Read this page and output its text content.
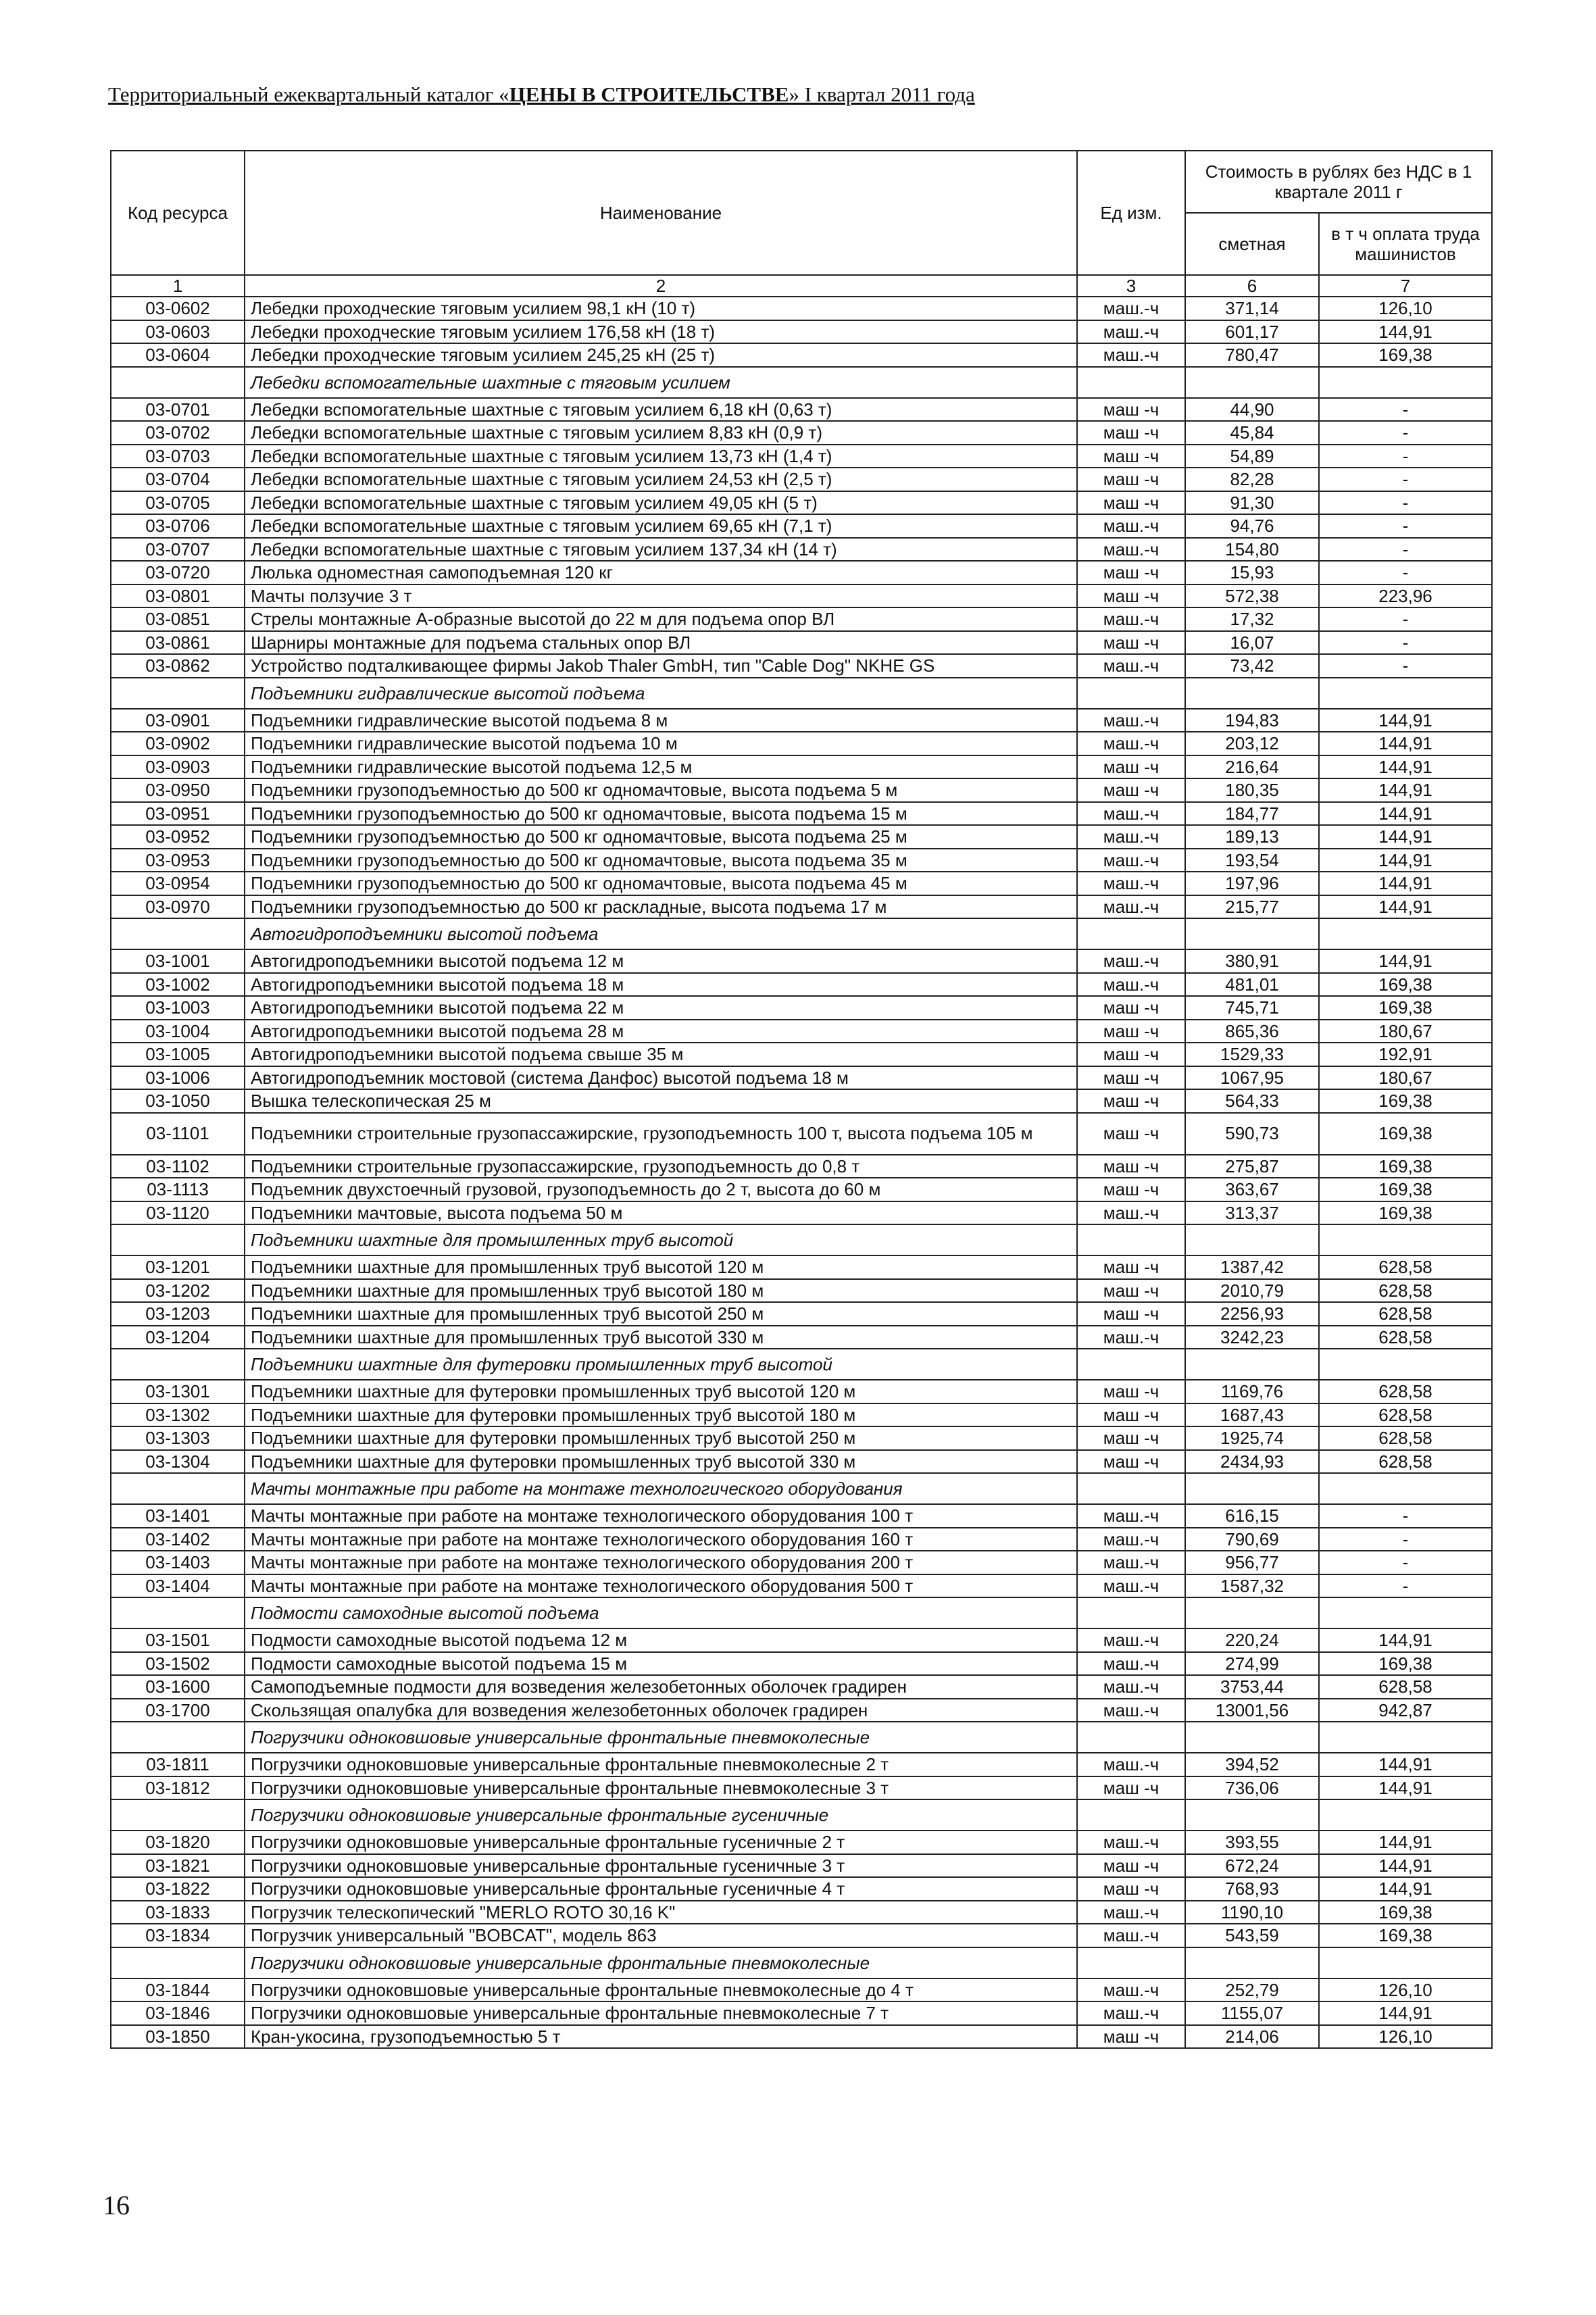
Территориальный ежеквартальный каталог «ЦЕНЫ В СТРОИТЕЛЬСТВЕ» I квартал 2011 года
Код ресурса	Наименование	Ед изм.	Стоимость в рублях без НДС в 1 квартале 2011 г	
			сметная	в т ч оплата труда машинистов
1	2	3	6	7
03-0602	Лебедки проходческие тяговым усилием 98,1 кН (10 т)	маш.-ч	371,14	126,10
03-0603	Лебедки проходческие тяговым усилием 176,58 кН (18 т)	маш.-ч	601,17	144,91
03-0604	Лебедки проходческие тяговым усилием 245,25 кН (25 т)	маш.-ч	780,47	169,38
	Лебедки вспомогательные шахтные с тяговым усилием			
03-0701	Лебедки вспомогательные шахтные с тяговым усилием 6,18 кН (0,63 т)	маш -ч	44,90	-
03-0702	Лебедки вспомогательные шахтные с тяговым усилием 8,83 кН (0,9 т)	маш -ч	45,84	-
03-0703	Лебедки вспомогательные шахтные с тяговым усилием 13,73 кН (1,4 т)	маш -ч	54,89	-
03-0704	Лебедки вспомогательные шахтные с тяговым усилием 24,53 кН (2,5 т)	маш -ч	82,28	-
03-0705	Лебедки вспомогательные шахтные с тяговым усилием 49,05 кН (5 т)	маш -ч	91,30	-
03-0706	Лебедки вспомогательные шахтные с тяговым усилием 69,65 кН (7,1 т)	маш.-ч	94,76	-
03-0707	Лебедки вспомогательные шахтные с тяговым усилием 137,34 кН (14 т)	маш.-ч	154,80	-
03-0720	Люлька одноместная самоподъемная 120 кг	маш -ч	15,93	-
03-0801	Мачты ползучие 3 т	маш -ч	572,38	223,96
03-0851	Стрелы монтажные А-образные высотой до 22 м для подъема опор ВЛ	маш.-ч	17,32	-
03-0861	Шарниры монтажные для подъема стальных опор ВЛ	маш -ч	16,07	-
03-0862	Устройство подталкивающее фирмы Jakob Thaler GmbH, тип "Cable Dog" NKHE GS	маш.-ч	73,42	-
	Подъемники гидравлические высотой подъема			
03-0901	Подъемники гидравлические высотой подъема 8 м	маш.-ч	194,83	144,91
03-0902	Подъемники гидравлические высотой подъема 10 м	маш.-ч	203,12	144,91
03-0903	Подъемники гидравлические высотой подъема 12,5 м	маш -ч	216,64	144,91
03-0950	Подъемники грузоподъемностью до 500 кг одномачтовые, высота подъема 5 м	маш -ч	180,35	144,91
03-0951	Подъемники грузоподъемностью до 500 кг одномачтовые, высота подъема 15 м	маш.-ч	184,77	144,91
03-0952	Подъемники грузоподъемностью до 500 кг одномачтовые, высота подъема 25 м	маш.-ч	189,13	144,91
03-0953	Подъемники грузоподъемностью до 500 кг одномачтовые, высота подъема 35 м	маш.-ч	193,54	144,91
03-0954	Подъемники грузоподъемностью до 500 кг одномачтовые, высота подъема 45 м	маш.-ч	197,96	144,91
03-0970	Подъемники грузоподъемностью до 500 кг раскладные, высота подъема 17 м	маш.-ч	215,77	144,91
	Автогидроподъемники высотой подъема			
03-1001	Автогидроподъемники высотой подъема 12 м	маш.-ч	380,91	144,91
03-1002	Автогидроподъемники высотой подъема 18 м	маш.-ч	481,01	169,38
03-1003	Автогидроподъемники высотой подъема 22 м	маш -ч	745,71	169,38
03-1004	Автогидроподъемники высотой подъема 28 м	маш -ч	865,36	180,67
03-1005	Автогидроподъемники высотой подъема свыше 35 м	маш -ч	1529,33	192,91
03-1006	Автогидроподъемник мостовой (система Данфос) высотой подъема 18 м	маш -ч	1067,95	180,67
03-1050	Вышка телескопическая 25 м	маш -ч	564,33	169,38
03-1101	Подъемники строительные грузопассажирские, грузоподъемность 100 т, высота подъема 105 м	маш -ч	590,73	169,38
03-1102	Подъемники строительные грузопассажирские, грузоподъемность до 0,8 т	маш -ч	275,87	169,38
03-1113	Подъемник двухстоечный грузовой, грузоподъемность до 2 т, высота до 60 м	маш -ч	363,67	169,38
03-1120	Подъемники мачтовые, высота подъема 50 м	маш.-ч	313,37	169,38
	Подъемники шахтные для промышленных труб высотой			
03-1201	Подъемники шахтные для промышленных труб высотой 120 м	маш -ч	1387,42	628,58
03-1202	Подъемники шахтные для промышленных труб высотой 180 м	маш -ч	2010,79	628,58
03-1203	Подъемники шахтные для промышленных труб высотой 250 м	маш -ч	2256,93	628,58
03-1204	Подъемники шахтные для промышленных труб высотой 330 м	маш.-ч	3242,23	628,58
	Подъемники шахтные для футеровки промышленных труб высотой			
03-1301	Подъемники шахтные для футеровки промышленных труб высотой 120 м	маш -ч	1169,76	628,58
03-1302	Подъемники шахтные для футеровки промышленных труб высотой 180 м	маш -ч	1687,43	628,58
03-1303	Подъемники шахтные для футеровки промышленных труб высотой 250 м	маш -ч	1925,74	628,58
03-1304	Подъемники шахтные для футеровки промышленных труб высотой 330 м	маш -ч	2434,93	628,58
	Мачты монтажные при работе на монтаже технологического оборудования			
03-1401	Мачты монтажные при работе на монтаже технологического оборудования 100 т	маш.-ч	616,15	-
03-1402	Мачты монтажные при работе на монтаже технологического оборудования 160 т	маш.-ч	790,69	-
03-1403	Мачты монтажные при работе на монтаже технологического оборудования 200 т	маш.-ч	956,77	-
03-1404	Мачты монтажные при работе на монтаже технологического оборудования 500 т	маш.-ч	1587,32	-
	Подмости самоходные высотой подъема			
03-1501	Подмости самоходные высотой подъема 12 м	маш.-ч	220,24	144,91
03-1502	Подмости самоходные высотой подъема 15 м	маш.-ч	274,99	169,38
03-1600	Самоподъемные подмости для возведения железобетонных оболочек градирен	маш.-ч	3753,44	628,58
03-1700	Скользящая опалубка для возведения железобетонных оболочек градирен	маш.-ч	13001,56	942,87
	Погрузчики одноковшовые универсальные фронтальные пневмоколесные			
03-1811	Погрузчики одноковшовые универсальные фронтальные пневмоколесные 2 т	маш.-ч	394,52	144,91
03-1812	Погрузчики одноковшовые универсальные фронтальные пневмоколесные 3 т	маш -ч	736,06	144,91
	Погрузчики одноковшовые универсальные фронтальные гусеничные			
03-1820	Погрузчики одноковшовые универсальные фронтальные гусеничные 2 т	маш.-ч	393,55	144,91
03-1821	Погрузчики одноковшовые универсальные фронтальные гусеничные 3 т	маш -ч	672,24	144,91
03-1822	Погрузчики одноковшовые универсальные фронтальные гусеничные 4 т	маш -ч	768,93	144,91
03-1833	Погрузчик телескопический "MERLO ROTO 30,16 K"	маш.-ч	1190,10	169,38
03-1834	Погрузчик универсальный "BOBCAT", модель 863	маш.-ч	543,59	169,38
	Погрузчики одноковшовые универсальные фронтальные пневмоколесные			
03-1844	Погрузчики одноковшовые универсальные фронтальные пневмоколесные до 4 т	маш.-ч	252,79	126,10
03-1846	Погрузчики одноковшовые универсальные фронтальные пневмоколесные 7 т	маш.-ч	1155,07	144,91
03-1850	Кран-укосина, грузоподъемностью 5 т	маш -ч	214,06	126,10
16
